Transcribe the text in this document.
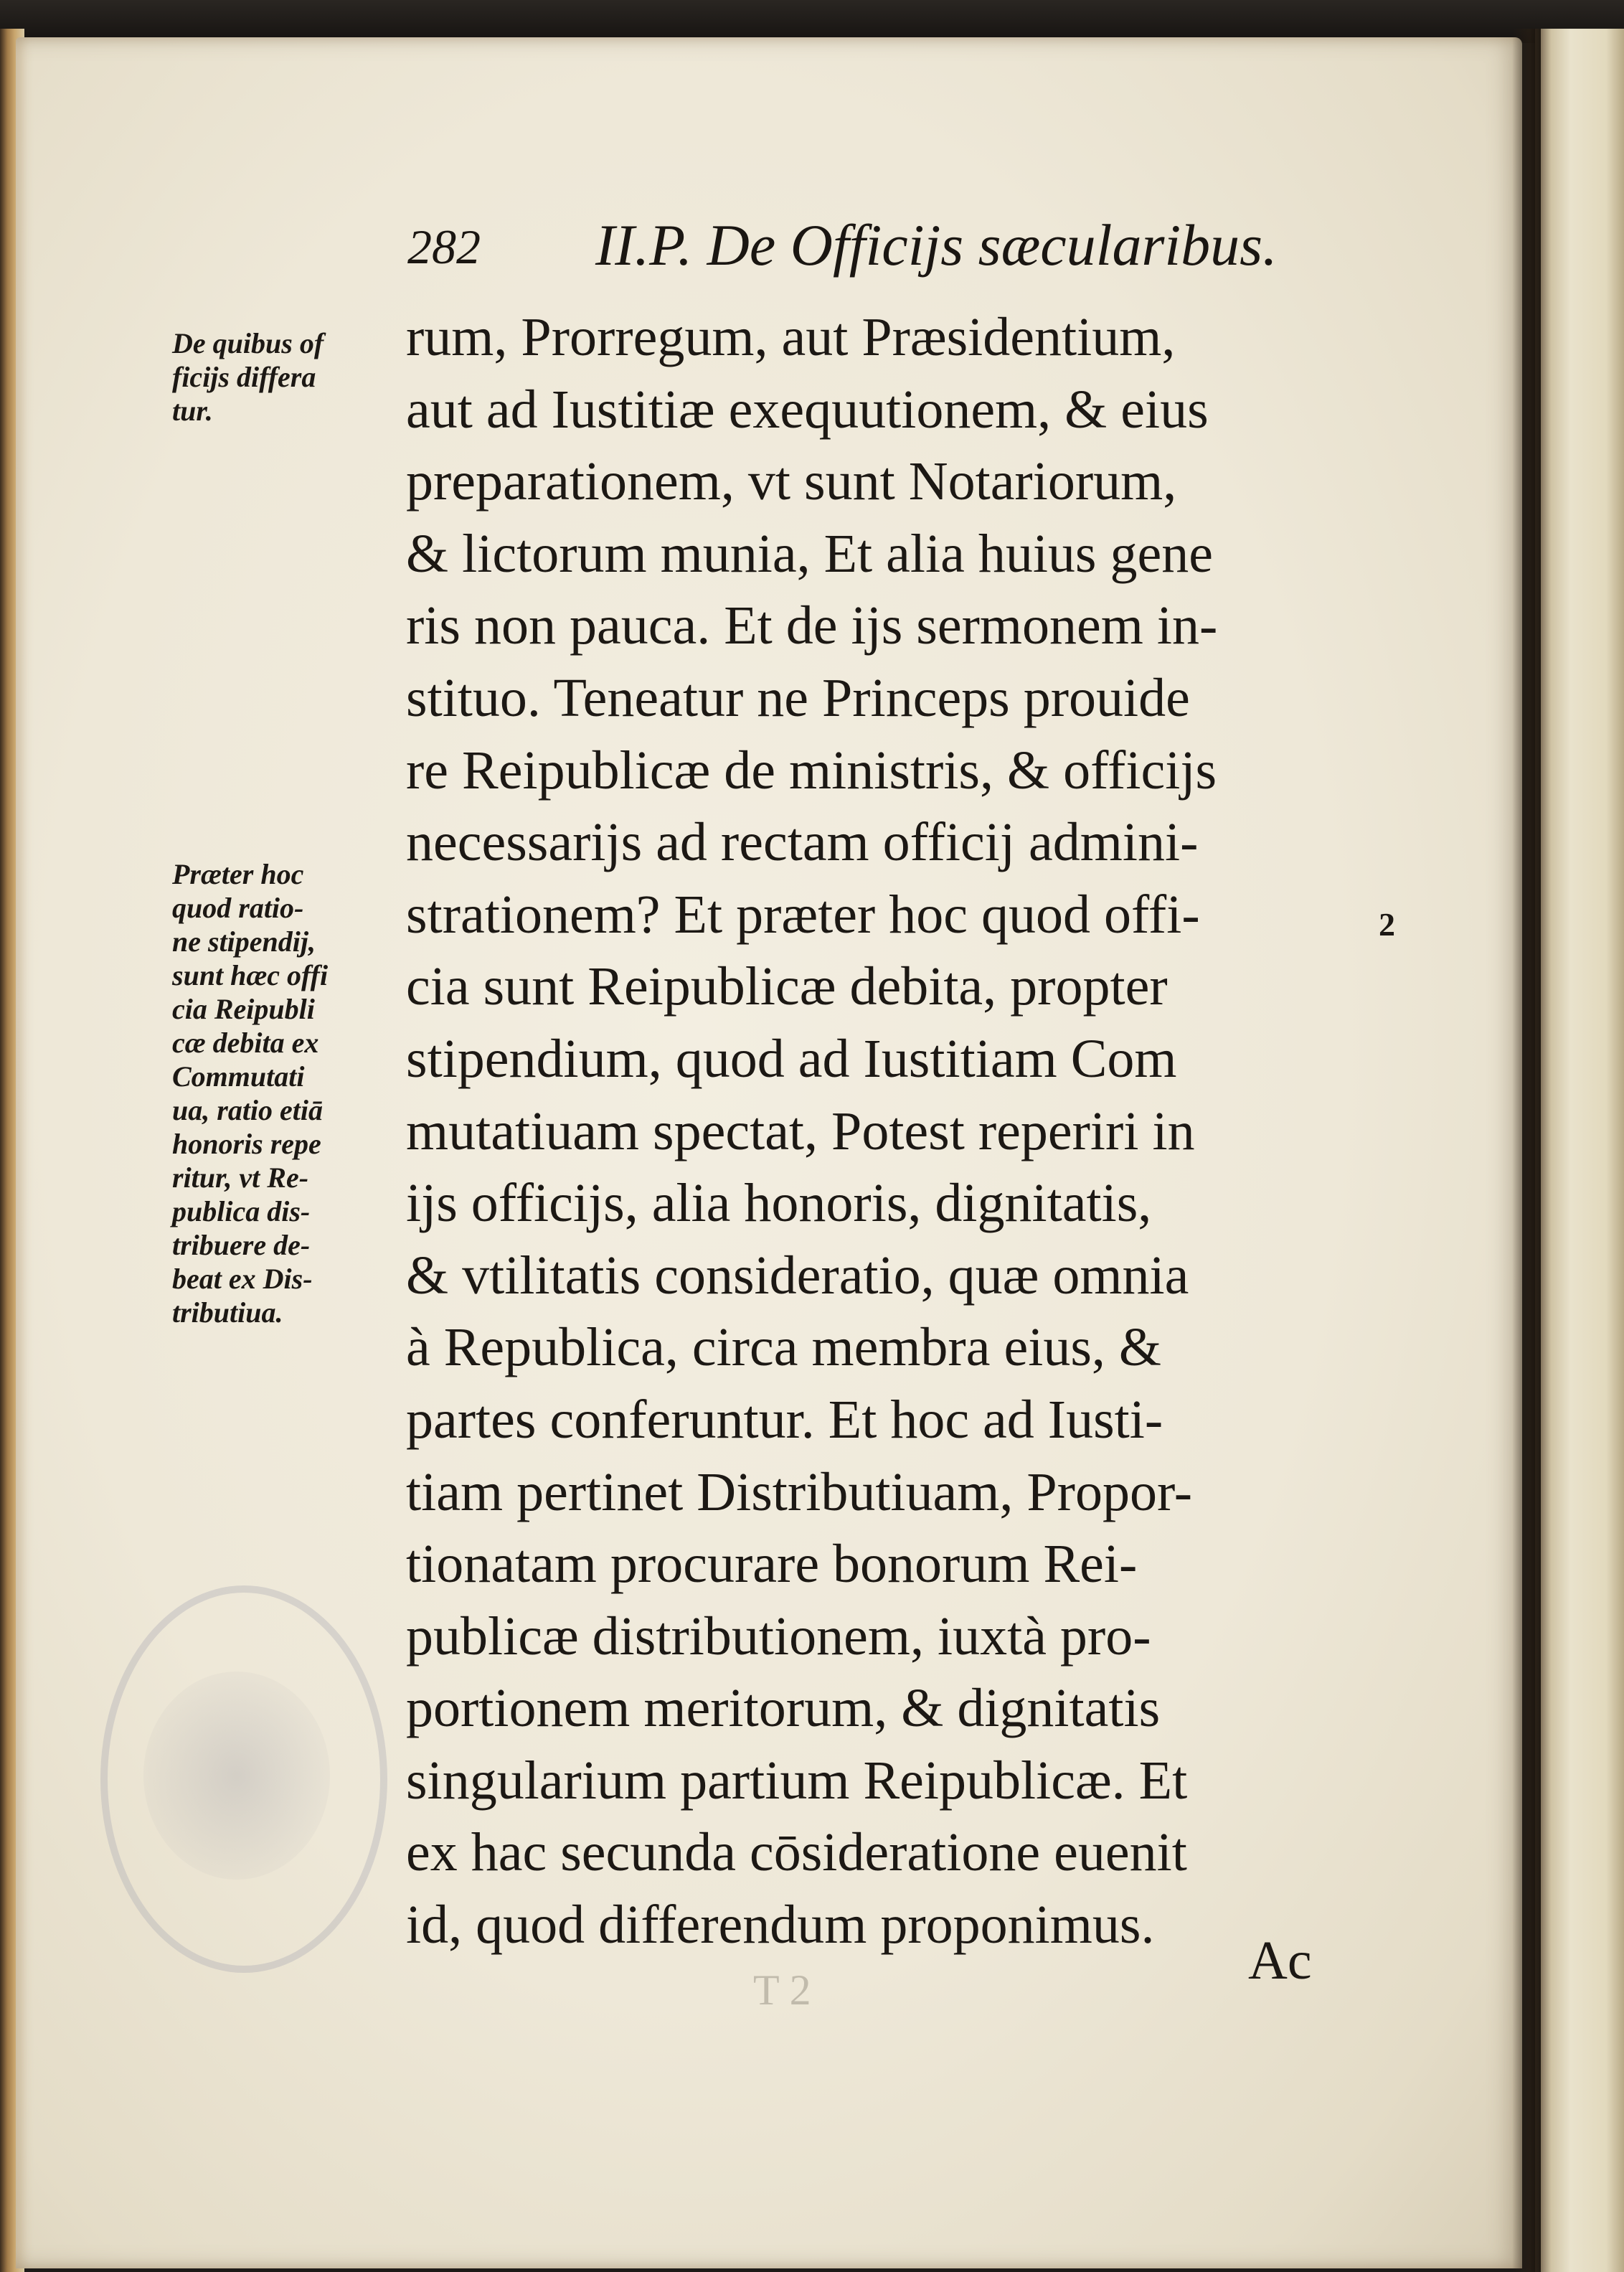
282 II.P. De Officijs sæcularibus.
De quibus of
ficijs differa
tur.
Præter hoc
quod ratio-
ne stipendij,
sunt hæc offi
cia Reipubli
cæ debita ex
Commutati
ua, ratio etiā
honoris repe
ritur, vt Re-
publica dis-
tribuere de-
beat ex Dis-
tributiua.
rum, Prorregum, aut Præsidentium,
aut ad Iustitiæ exequutionem, & eius
preparationem, vt sunt Notariorum,
& lictorum munia, Et alia huius gene
ris non pauca. Et de ijs sermonem in-
stituo. Teneatur ne Princeps prouide
re Reipublicæ de ministris, & officijs
necessarijs ad rectam officij admini-
strationem? Et præter hoc quod offi-
cia sunt Reipublicæ debita, propter
stipendium, quod ad Iustitiam Com
mutatiuam spectat, Potest reperiri in
ijs officijs, alia honoris, dignitatis,
& vtilitatis consideratio, quæ omnia
à Republica, circa membra eius, &
partes conferuntur. Et hoc ad Iusti-
tiam pertinet Distributiuam, Propor-
tionatam procurare bonorum Rei-
publicæ distributionem, iuxtà pro-
portionem meritorum, & dignitatis
singularium partium Reipublicæ. Et
ex hac secunda cōsideratione euenit
id, quod differendum proponimus.
2
T 2	Ac
